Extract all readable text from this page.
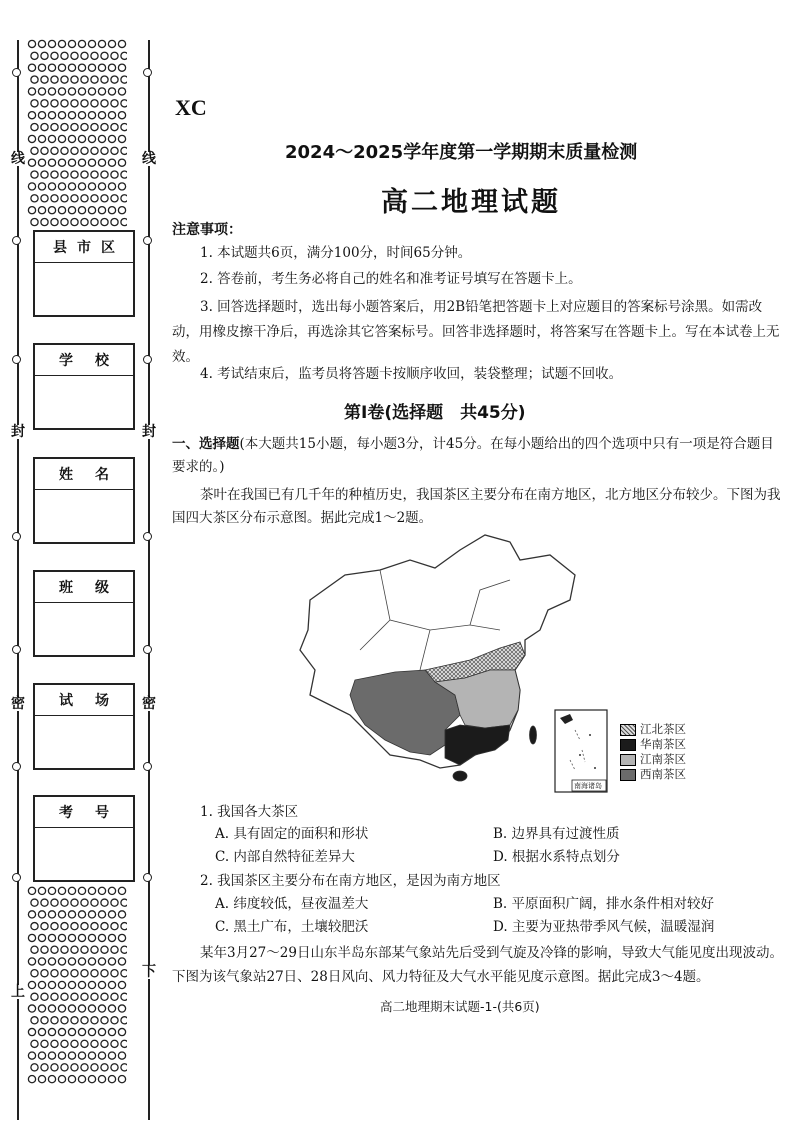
线
封
密
上
线
封
密
下
县市区
学校
姓名
班级
试场
考号
XC
2024～2025学年度第一学期期末质量检测
高二地理试题
注意事项：
1. 本试题共6页，满分100分，时间65分钟。
2. 答卷前，考生务必将自己的姓名和准考证号填写在答题卡上。
3. 回答选择题时，选出每小题答案后，用2B铅笔把答题卡上对应题目的答案标号涂黑。如需改动，用橡皮擦干净后，再选涂其它答案标号。回答非选择题时，将答案写在答题卡上。写在本试卷上无效。
4. 考试结束后，监考员将答题卡按顺序收回，装袋整理；试题不回收。
第Ⅰ卷(选择题　共45分)
一、选择题(本大题共15小题，每小题3分，计45分。在每小题给出的四个选项中只有一项是符合题目要求的。)
茶叶在我国已有几千年的种植历史，我国茶区主要分布在南方地区，北方地区分布较少。下图为我国四大茶区分布示意图。据此完成1～2题。
南海诸岛
江北茶区
华南茶区
江南茶区
西南茶区
1. 我国各大茶区
A. 具有固定的面积和形状	B. 边界具有过渡性质
C. 内部自然特征差异大	D. 根据水系特点划分
2. 我国茶区主要分布在南方地区，是因为南方地区
A. 纬度较低，昼夜温差大	B. 平原面积广阔，排水条件相对较好
C. 黑土广布，土壤较肥沃	D. 主要为亚热带季风气候，温暖湿润
某年3月27～29日山东半岛东部某气象站先后受到气旋及冷锋的影响，导致大气能见度出现波动。下图为该气象站27日、28日风向、风力特征及大气水平能见度示意图。据此完成3～4题。
高二地理期末试题-1-(共6页)
